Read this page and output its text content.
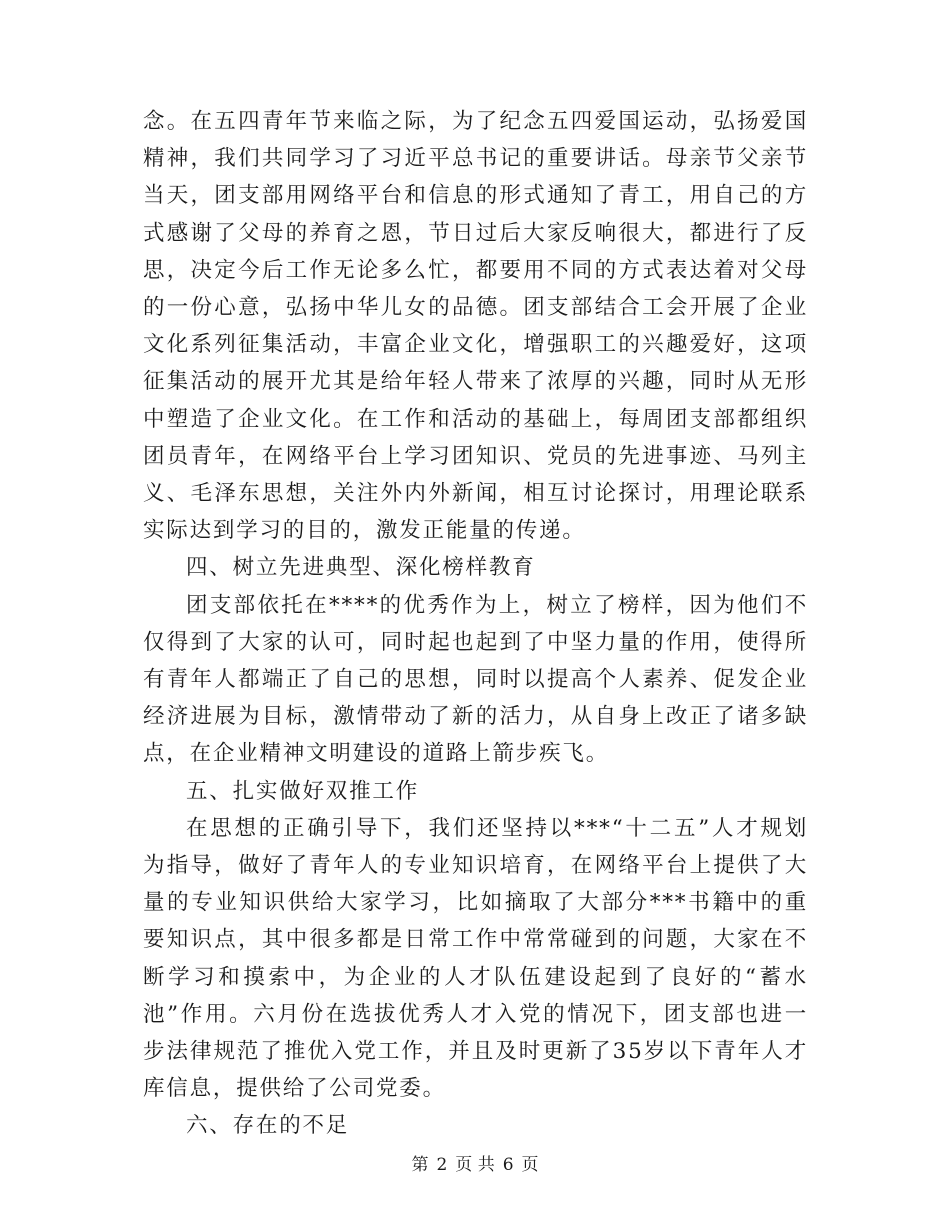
念。在五四青年节来临之际，为了纪念五四爱国运动，弘扬爱国精神，我们共同学习了习近平总书记的重要讲话。母亲节父亲节当天，团支部用网络平台和信息的形式通知了青工，用自己的方式感谢了父母的养育之恩，节日过后大家反响很大，都进行了反思，决定今后工作无论多么忙，都要用不同的方式表达着对父母的一份心意，弘扬中华儿女的品德。团支部结合工会开展了企业文化系列征集活动，丰富企业文化，增强职工的兴趣爱好，这项征集活动的展开尤其是给年轻人带来了浓厚的兴趣，同时从无形中塑造了企业文化。在工作和活动的基础上，每周团支部都组织团员青年，在网络平台上学习团知识、党员的先进事迹、马列主义、毛泽东思想，关注外内外新闻，相互讨论探讨，用理论联系实际达到学习的目的，激发正能量的传递。

四、树立先进典型、深化榜样教育

团支部依托在****的优秀作为上，树立了榜样，因为他们不仅得到了大家的认可，同时起也起到了中坚力量的作用，使得所有青年人都端正了自己的思想，同时以提高个人素养、促发企业经济进展为目标，激情带动了新的活力，从自身上改正了诸多缺点，在企业精神文明建设的道路上箭步疾飞。

五、扎实做好双推工作

在思想的正确引导下，我们还坚持以***“十二五”人才规划为指导，做好了青年人的专业知识培育，在网络平台上提供了大量的专业知识供给大家学习，比如摘取了大部分***书籍中的重要知识点，其中很多都是日常工作中常常碰到的问题，大家在不断学习和摸索中，为企业的人才队伍建设起到了良好的“蓄水池”作用。六月份在选拔优秀人才入党的情况下，团支部也进一步法律规范了推优入党工作，并且及时更新了35岁以下青年人才库信息，提供给了公司党委。

六、存在的不足

第 2 页 共 6 页
